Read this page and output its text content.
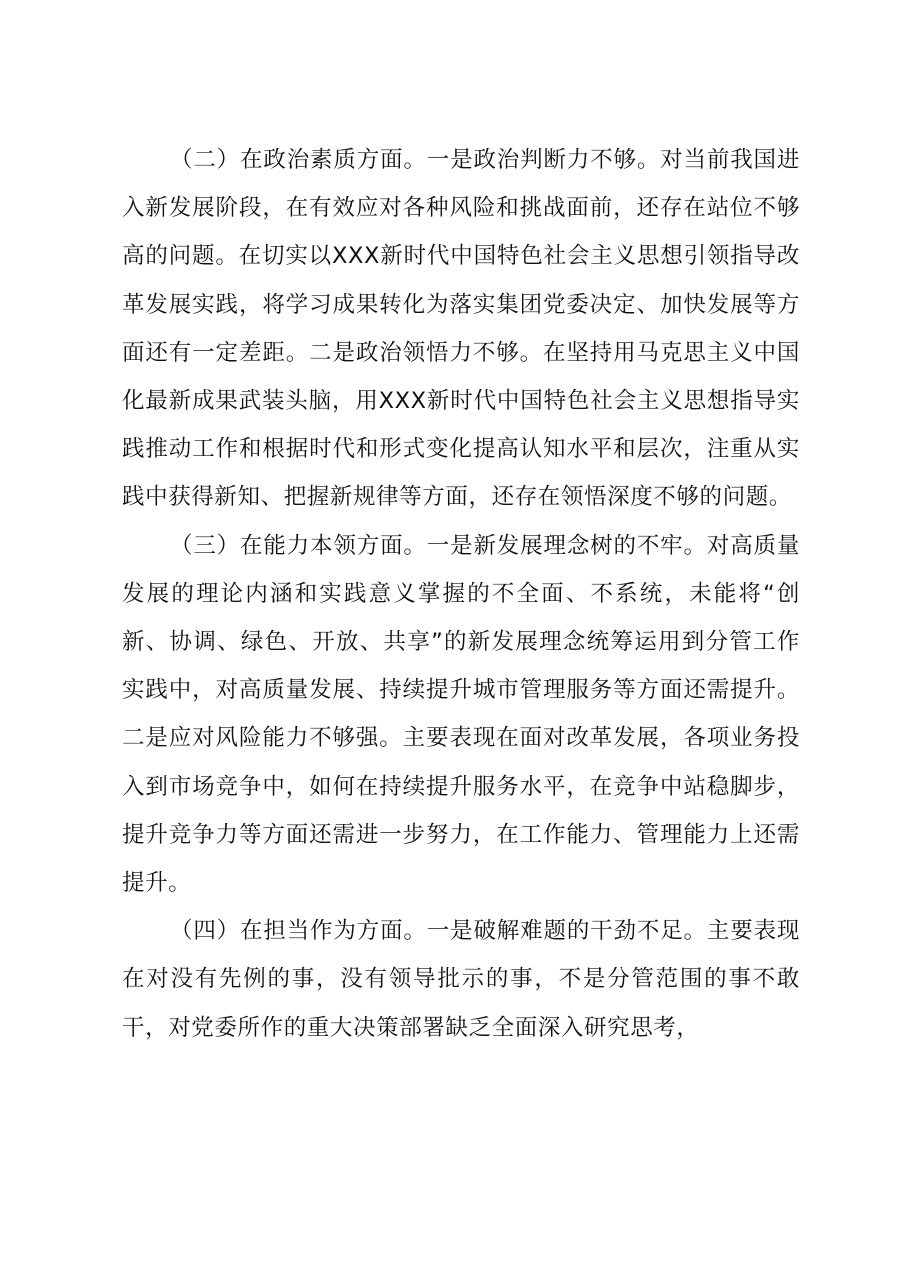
（二）在政治素质方面。一是政治判断力不够。对当前我国进入新发展阶段，在有效应对各种风险和挑战面前，还存在站位不够高的问题。在切实以XXX新时代中国特色社会主义思想引领指导改革发展实践，将学习成果转化为落实集团党委决定、加快发展等方面还有一定差距。二是政治领悟力不够。在坚持用马克思主义中国化最新成果武装头脑，用XXX新时代中国特色社会主义思想指导实践推动工作和根据时代和形式变化提高认知水平和层次，注重从实践中获得新知、把握新规律等方面，还存在领悟深度不够的问题。

（三）在能力本领方面。一是新发展理念树的不牢。对高质量发展的理论内涵和实践意义掌握的不全面、不系统，未能将“创新、协调、绿色、开放、共享”的新发展理念统筹运用到分管工作实践中，对高质量发展、持续提升城市管理服务等方面还需提升。二是应对风险能力不够强。主要表现在面对改革发展，各项业务投入到市场竞争中，如何在持续提升服务水平，在竞争中站稳脚步，提升竞争力等方面还需进一步努力，在工作能力、管理能力上还需提升。

（四）在担当作为方面。一是破解难题的干劲不足。主要表现在对没有先例的事，没有领导批示的事，不是分管范围的事不敢干，对党委所作的重大决策部署缺乏全面深入研究思考，
